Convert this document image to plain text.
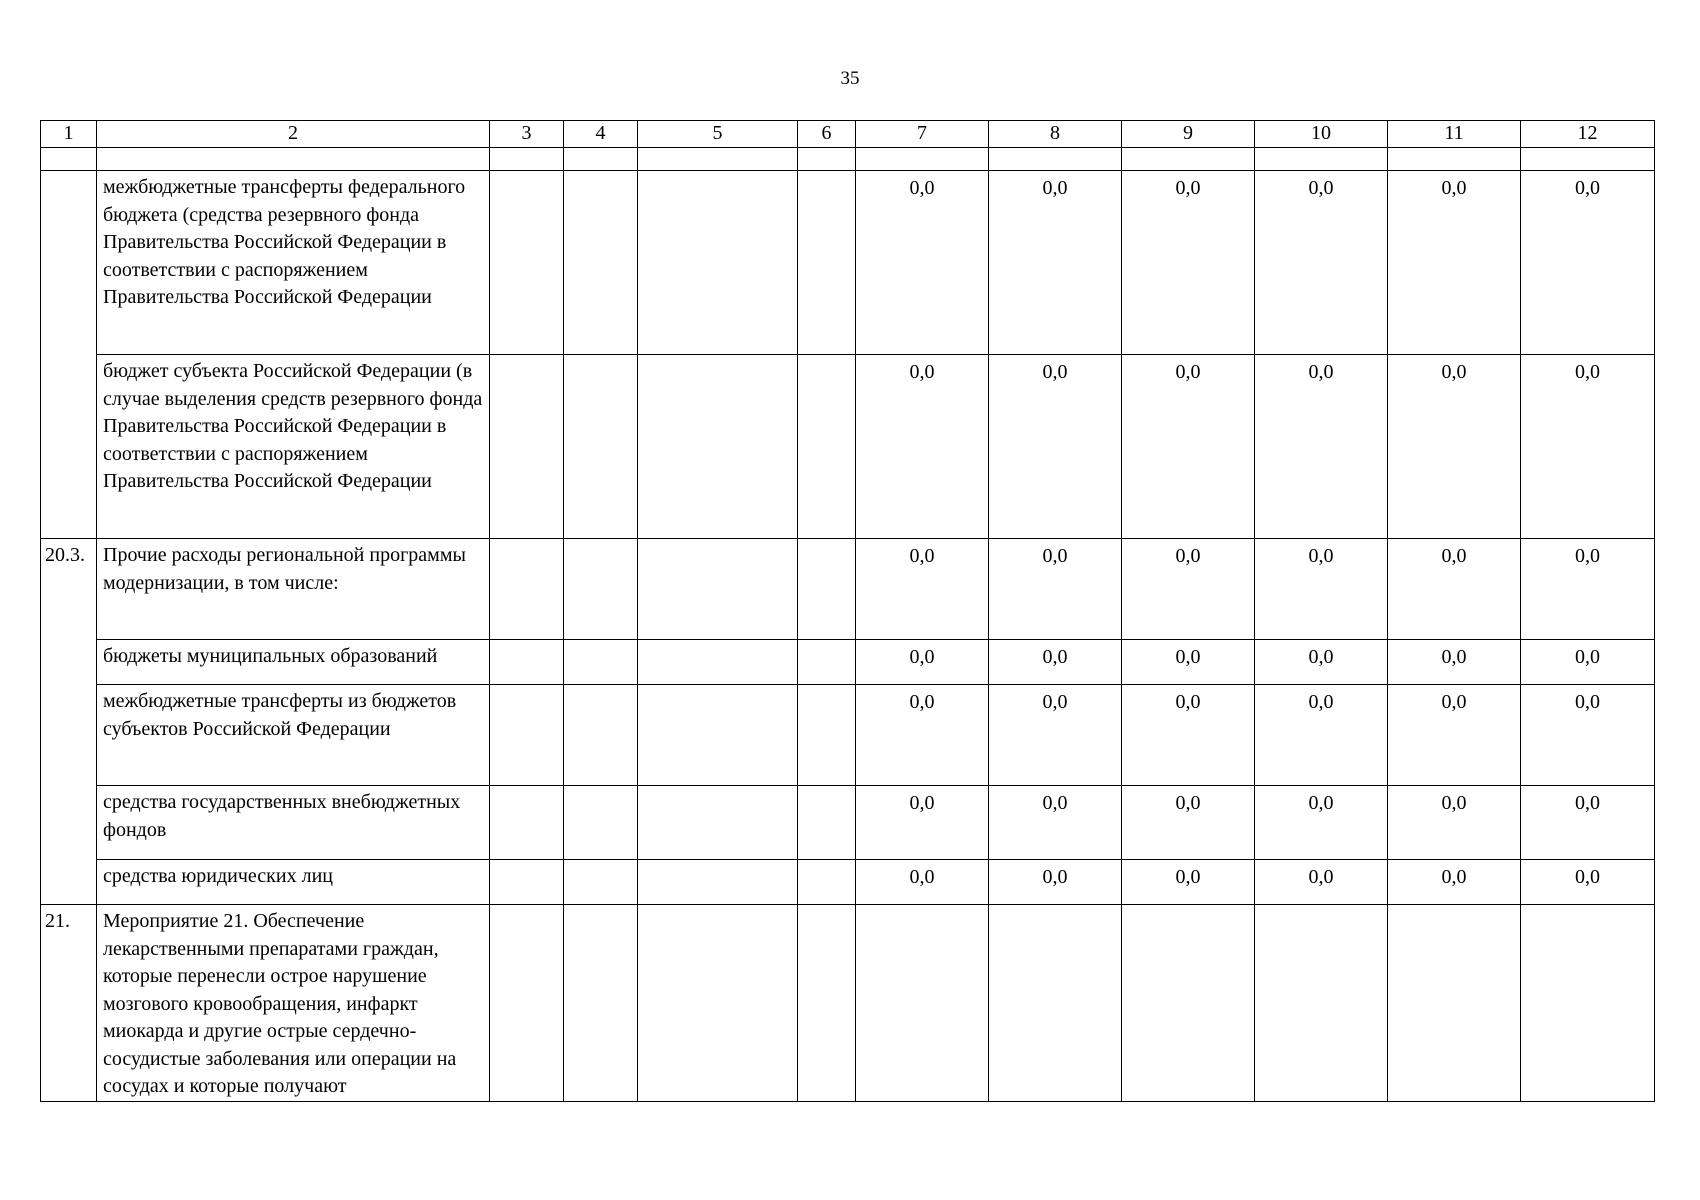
35
1	2	3	4	5	6	7	8	9	10	11	12

	межбюджетные трансферты федерального бюджета (средства резервного фонда Правительства Российской Федерации в соответствии с распоряжением Правительства Российской Федерации					0,0	0,0	0,0	0,0	0,0	0,0
	бюджет субъекта Российской Федерации (в случае выделения средств резервного фонда Правительства Российской Федерации в соответствии с распоряжением Правительства Российской Федерации					0,0	0,0	0,0	0,0	0,0	0,0
20.3.	Прочие расходы региональной программы модернизации, в том числе:					0,0	0,0	0,0	0,0	0,0	0,0
	бюджеты муниципальных образований					0,0	0,0	0,0	0,0	0,0	0,0
	межбюджетные трансферты из бюджетов субъектов Российской Федерации					0,0	0,0	0,0	0,0	0,0	0,0
	средства государственных внебюджетных фондов					0,0	0,0	0,0	0,0	0,0	0,0
	средства юридических лиц					0,0	0,0	0,0	0,0	0,0	0,0
21.	Мероприятие 21. Обеспечение лекарственными препаратами граждан, которые перенесли острое нарушение мозгового кровообращения, инфаркт миокарда и другие острые сердечно-сосудистые заболевания или операции на сосудах и которые получают										
